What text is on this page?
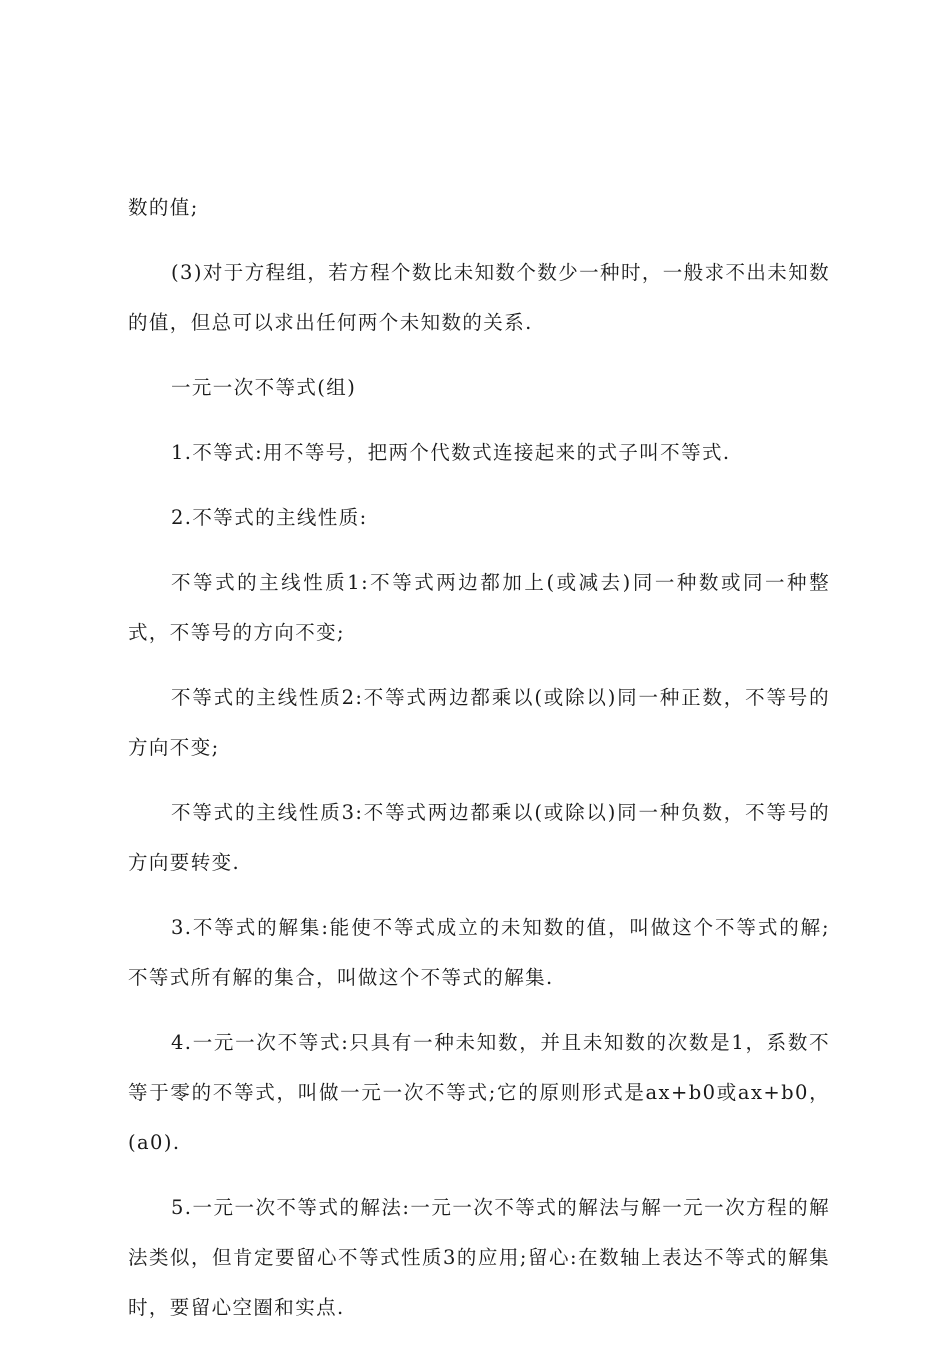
数的值;

(3)对于方程组，若方程个数比未知数个数少一种时，一般求不出未知数的值，但总可以求出任何两个未知数的关系.

一元一次不等式(组)

1.不等式:用不等号，把两个代数式连接起来的式子叫不等式.

2.不等式的主线性质:

不等式的主线性质1:不等式两边都加上(或减去)同一种数或同一种整式，不等号的方向不变;

不等式的主线性质2:不等式两边都乘以(或除以)同一种正数，不等号的方向不变;

不等式的主线性质3:不等式两边都乘以(或除以)同一种负数，不等号的方向要转变.

3.不等式的解集:能使不等式成立的未知数的值，叫做这个不等式的解;不等式所有解的集合，叫做这个不等式的解集.

4.一元一次不等式:只具有一种未知数，并且未知数的次数是1，系数不等于零的不等式，叫做一元一次不等式;它的原则形式是ax+b0或ax+b0，(a0).

5.一元一次不等式的解法:一元一次不等式的解法与解一元一次方程的解法类似，但肯定要留心不等式性质3的应用;留心:在数轴上表达不等式的解集时，要留心空圈和实点.
